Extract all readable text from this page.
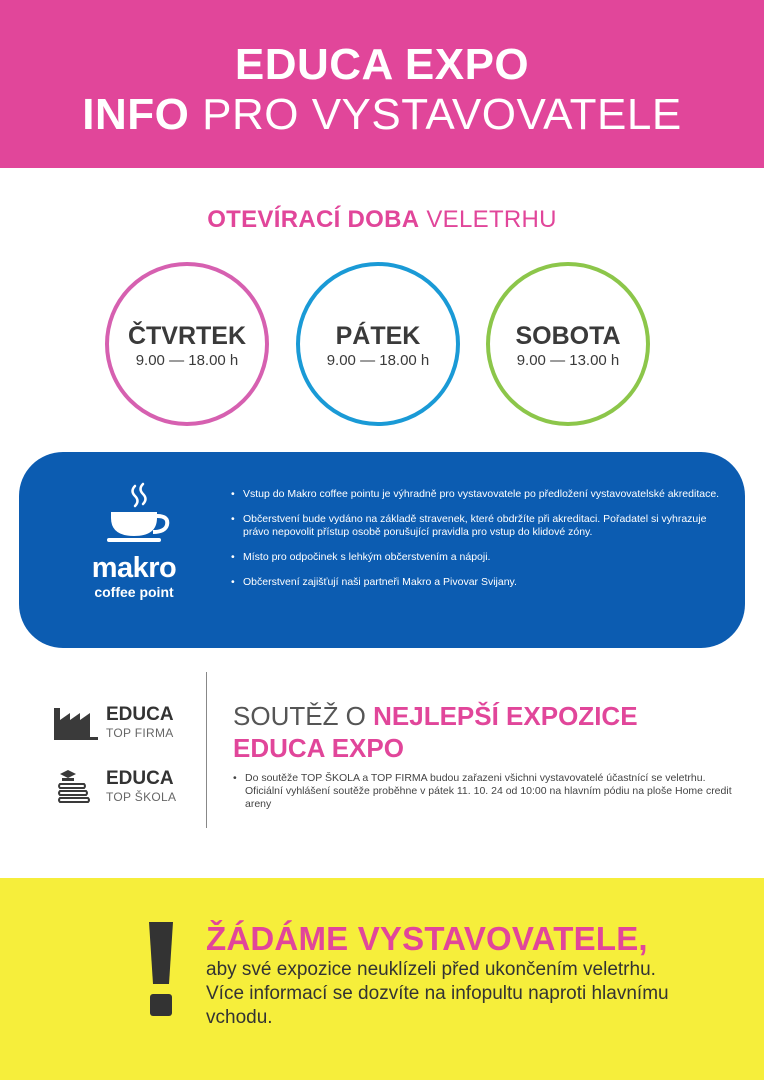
EDUCA EXPO
INFO PRO VYSTAVOVATELE
OTEVÍRACÍ DOBA VELETRHU
ČTVRTEK
9.00 — 18.00 h
PÁTEK
9.00 — 18.00 h
SOBOTA
9.00 — 13.00 h
makro
coffee point
• Vstup do Makro coffee pointu je výhradně pro vystavovatele po předložení vystavovatelské akreditace.
• Občerstvení bude vydáno na základě stravenek, které obdržíte při akreditaci. Pořadatel si vyhrazuje právo nepovolit přístup osobě porušující pravidla pro vstup do klidové zóny.
• Místo pro odpočinek s lehkým občerstvením a nápoji.
• Občerstvení zajišťují naši partneři Makro a Pivovar Svijany.
EDUCA
TOP FIRMA
EDUCA
TOP ŠKOLA
SOUTĚŽ O NEJLEPŠÍ EXPOZICE
EDUCA EXPO
• Do soutěže TOP ŠKOLA a TOP FIRMA budou zařazeni všichni vystavovatelé účastnící se veletrhu. Oficiální vyhlášení soutěže proběhne v pátek 11. 10. 24 od 10:00 na hlavním pódiu na ploše Home credit areny
ŽÁDÁME VYSTAVOVATELE,
aby své expozice neuklízeli před ukončením veletrhu. Více informací se dozvíte na infopultu naproti hlavnímu vchodu.
